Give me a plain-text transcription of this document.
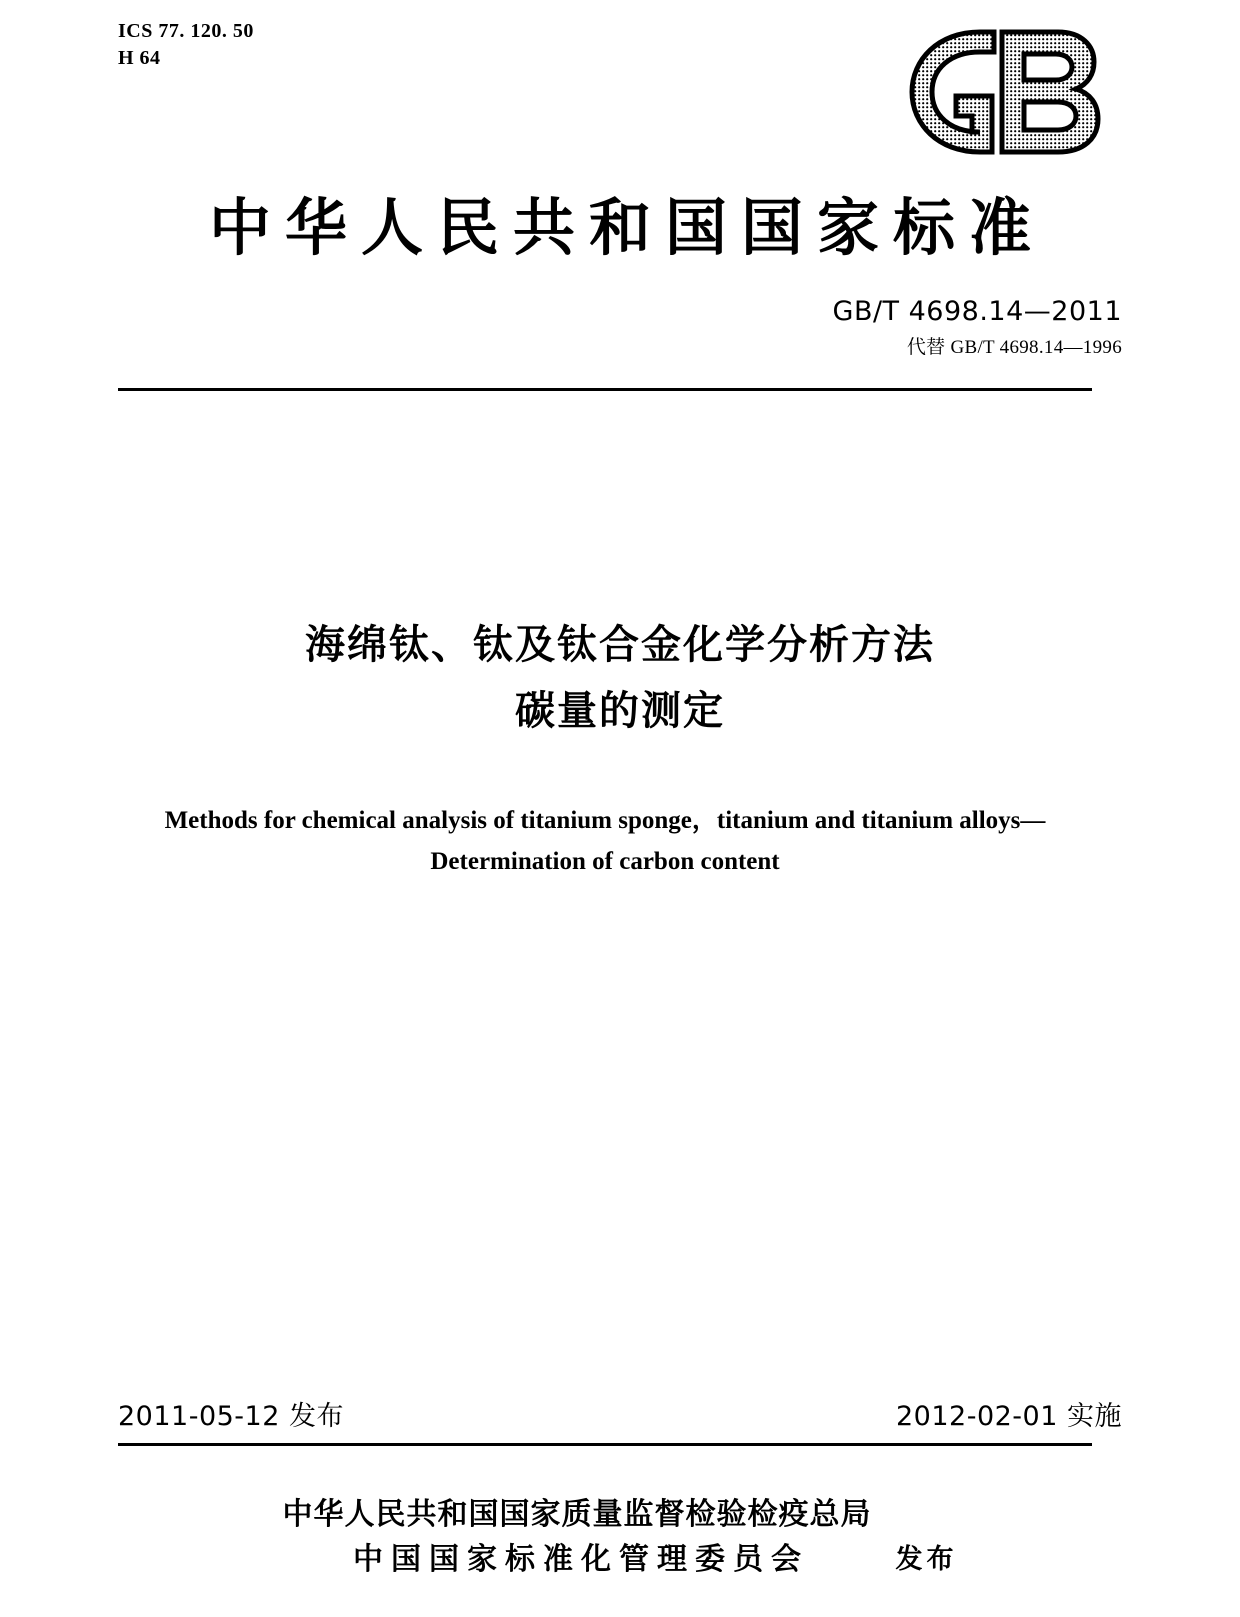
ICS 77. 120. 50
H 64
中华人民共和国国家标准
GB/T 4698.14—2011
代替 GB/T 4698.14—1996
海绵钛、钛及钛合金化学分析方法
碳量的测定
Methods for chemical analysis of titanium sponge，titanium and titanium alloys—
Determination of carbon content
2011-05-12 发布	2012-02-01 实施
中华人民共和国国家质量监督检验检疫总局
中国国家标准化管理委员会	发布
